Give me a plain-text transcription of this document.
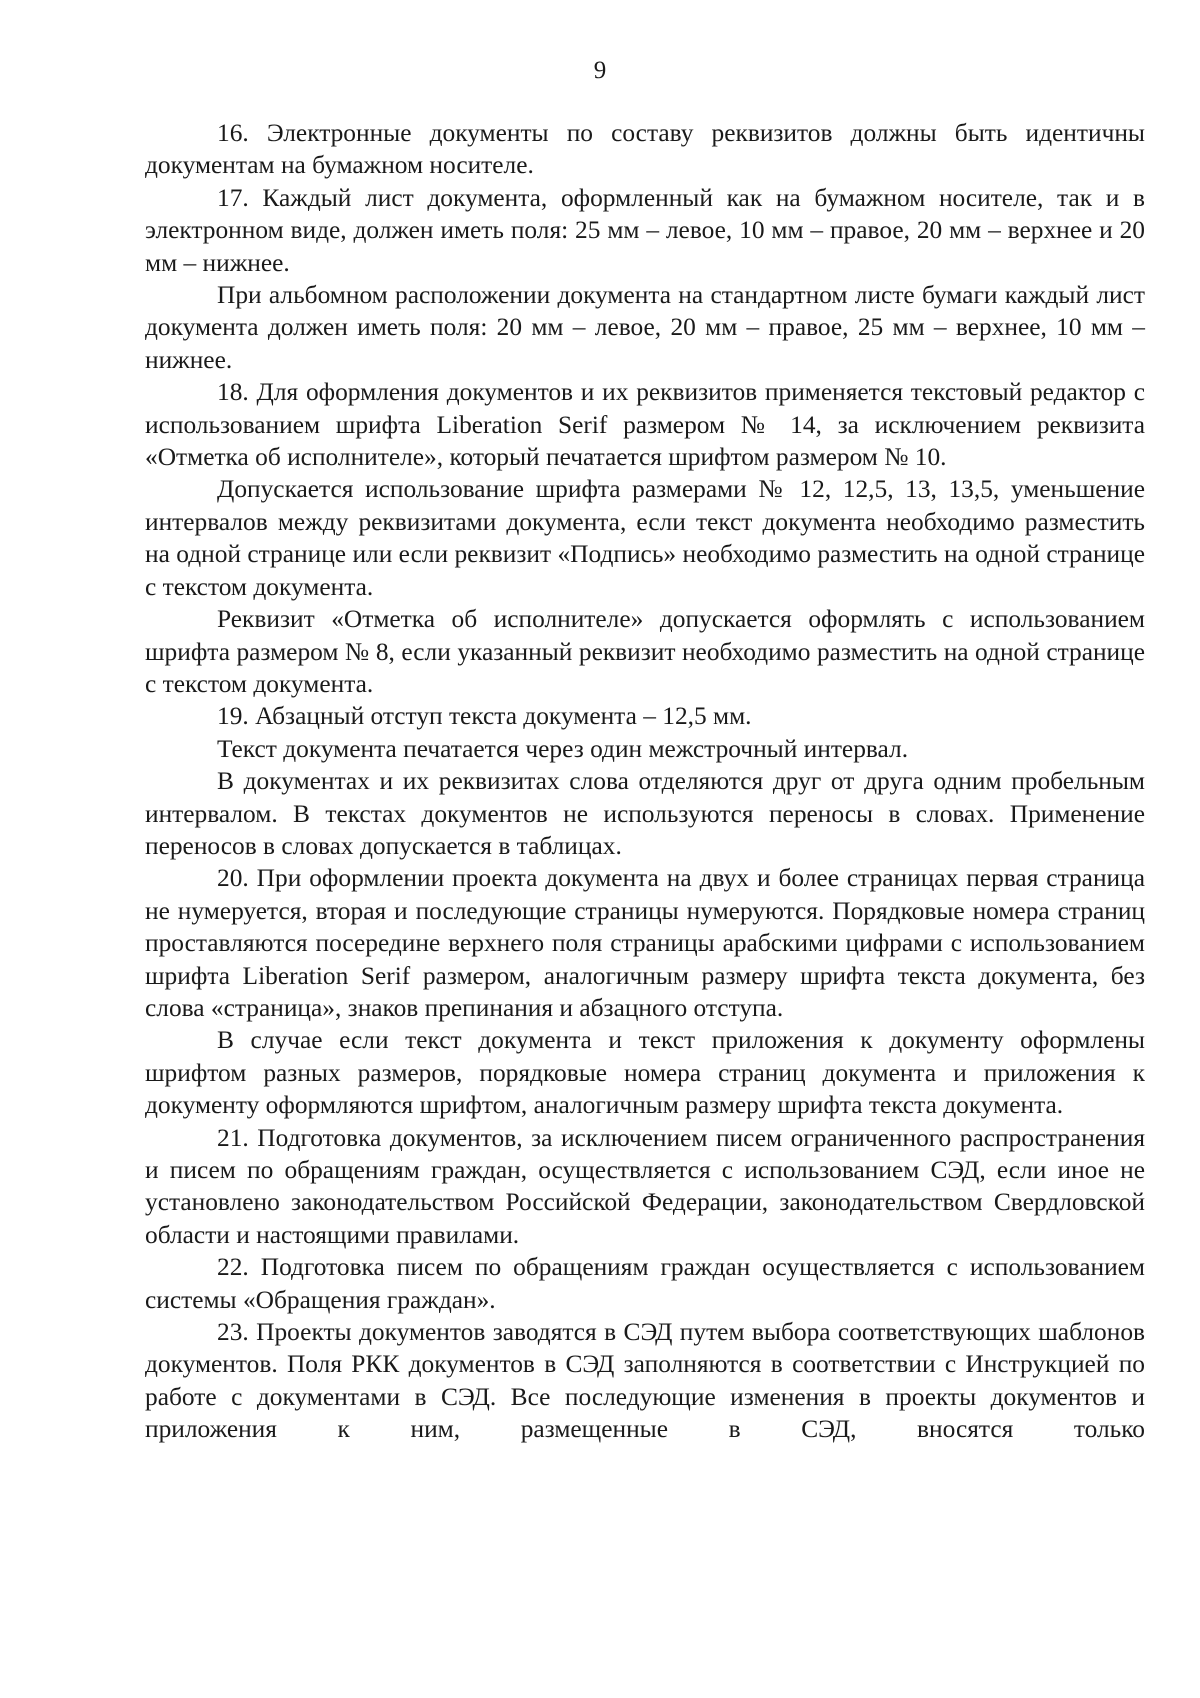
9

16. Электронные документы по составу реквизитов должны быть идентичны документам на бумажном носителе.

17. Каждый лист документа, оформленный как на бумажном носителе, так и в электронном виде, должен иметь поля: 25 мм – левое, 10 мм – правое, 20 мм – верхнее и 20 мм – нижнее.

При альбомном расположении документа на стандартном листе бумаги каждый лист документа должен иметь поля: 20 мм – левое, 20 мм – правое, 25 мм – верхнее, 10 мм – нижнее.

18. Для оформления документов и их реквизитов применяется текстовый редактор с использованием шрифта Liberation Serif размером № 14, за исключением реквизита «Отметка об исполнителе», который печатается шрифтом размером № 10.

Допускается использование шрифта размерами № 12, 12,5, 13, 13,5, уменьшение интервалов между реквизитами документа, если текст документа необходимо разместить на одной странице или если реквизит «Подпись» необходимо разместить на одной странице с текстом документа.

Реквизит «Отметка об исполнителе» допускается оформлять с использованием шрифта размером № 8, если указанный реквизит необходимо разместить на одной странице с текстом документа.

19. Абзацный отступ текста документа – 12,5 мм.

Текст документа печатается через один межстрочный интервал.

В документах и их реквизитах слова отделяются друг от друга одним пробельным интервалом. В текстах документов не используются переносы в словах. Применение переносов в словах допускается в таблицах.

20. При оформлении проекта документа на двух и более страницах первая страница не нумеруется, вторая и последующие страницы нумеруются. Порядковые номера страниц проставляются посередине верхнего поля страницы арабскими цифрами с использованием шрифта Liberation Serif размером, аналогичным размеру шрифта текста документа, без слова «страница», знаков препинания и абзацного отступа.

В случае если текст документа и текст приложения к документу оформлены шрифтом разных размеров, порядковые номера страниц документа и приложения к документу оформляются шрифтом, аналогичным размеру шрифта текста документа.

21. Подготовка документов, за исключением писем ограниченного распространения и писем по обращениям граждан, осуществляется с использованием СЭД, если иное не установлено законодательством Российской Федерации, законодательством Свердловской области и настоящими правилами.

22. Подготовка писем по обращениям граждан осуществляется с использованием системы «Обращения граждан».

23. Проекты документов заводятся в СЭД путем выбора соответствующих шаблонов документов. Поля РКК документов в СЭД заполняются в соответствии с Инструкцией по работе с документами в СЭД. Все последующие изменения в проекты документов и приложения к ним, размещенные в СЭД, вносятся только
